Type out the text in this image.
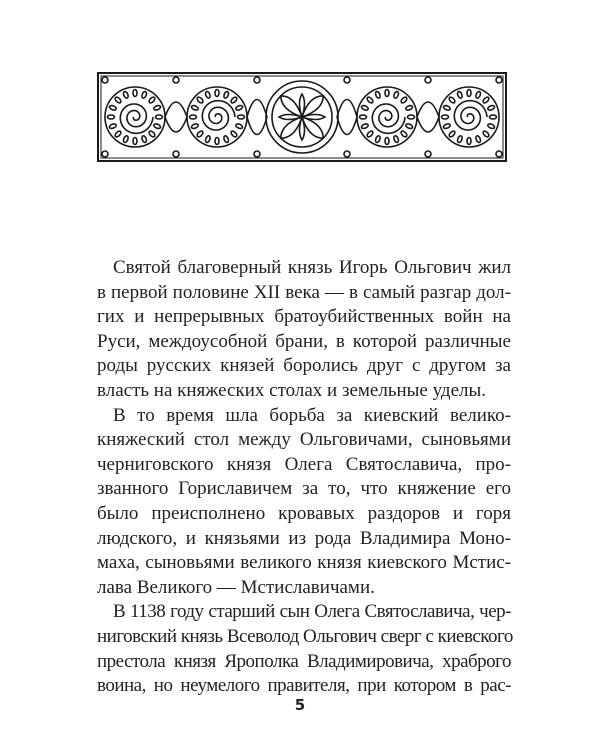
Святой благоверный князь Игорь Ольгович жил
в первой половине XII века — в самый разгар дол-
гих и непрерывных братоубийственных войн на
Руси, междоусобной брани, в которой различные
роды русских князей боролись друг с другом за
власть на княжеских столах и земельные уделы.
В то время шла борьба за киевский велико-
княжеский стол между Ольговичами, сыновьями
черниговского князя Олега Святославича, про-
званного Гориславичем за то, что княжение его
было преисполнено кровавых раздоров и горя
людского, и князьями из рода Владимира Моно-
маха, сыновьями великого князя киевского Мстис-
лава Великого — Мстиславичами.
В 1138 году старший сын Олега Святославича, чер-
ниговский князь Всеволод Ольгович сверг с киевского
престола князя Ярополка Владимировича, храброго
воина, но неумелого правителя, при котором в рас-
5
